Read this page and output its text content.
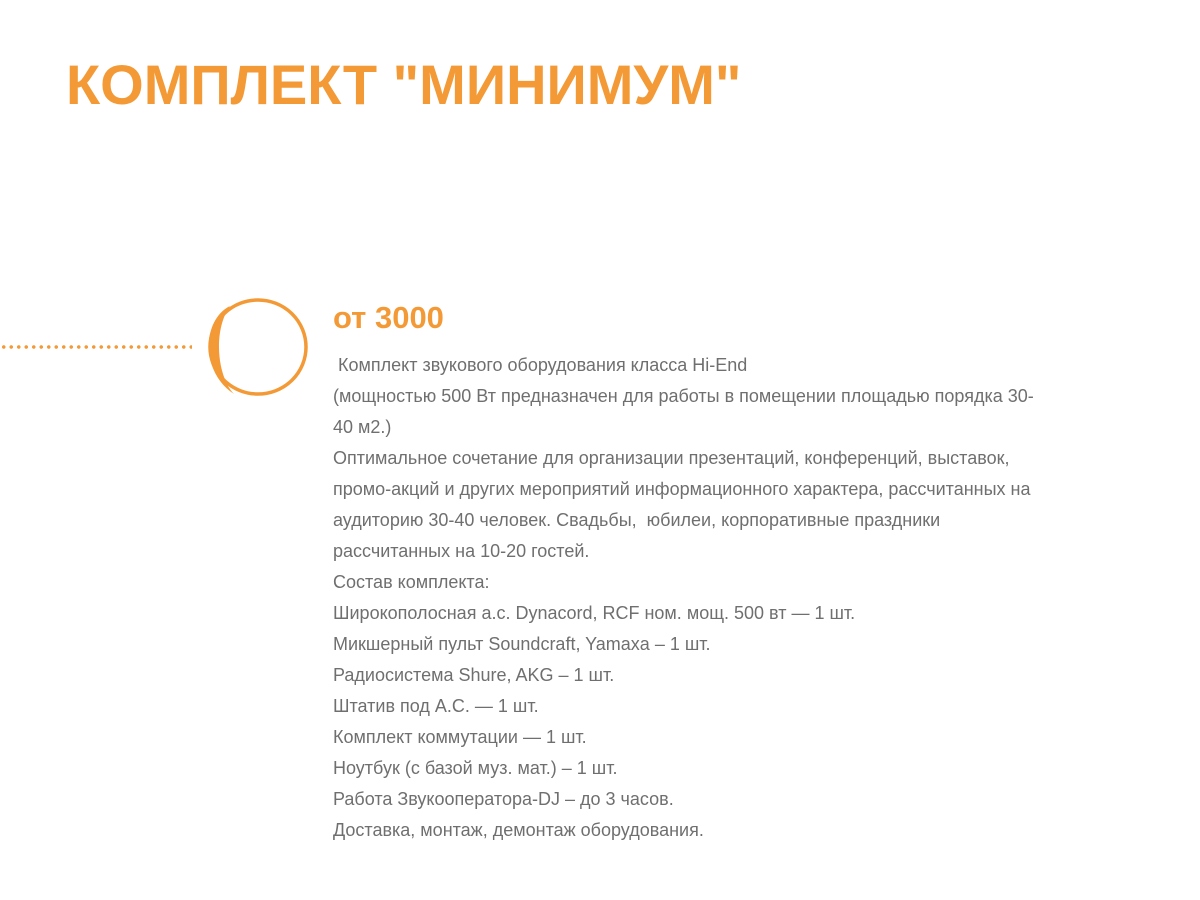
КОМПЛЕКТ "МИНИМУМ"
от 3000
Комплект звукового оборудования класса Hi-End
(мощностью 500 Вт предназначен для работы в помещении площадью порядка 30-
40 м2.)
Оптимальное сочетание для организации презентаций, конференций, выставок,
промо-акций и других мероприятий информационного характера, рассчитанных на
аудиторию 30-40 человек. Свадьбы,  юбилеи, корпоративные праздники
рассчитанных на 10-20 гостей.
Состав комплекта:
Широкополосная а.с. Dynacord, RCF ном. мощ. 500 вт — 1 шт.
Микшерный пульт Soundcraft, Yamaxa – 1 шт.
Радиосистема Shure, AKG – 1 шт.
Штатив под А.С. — 1 шт.
Комплект коммутации — 1 шт.
Ноутбук (с базой муз. мат.) – 1 шт.
Работа Звукооператора-DJ – до 3 часов.
Доставка, монтаж, демонтаж оборудования.
